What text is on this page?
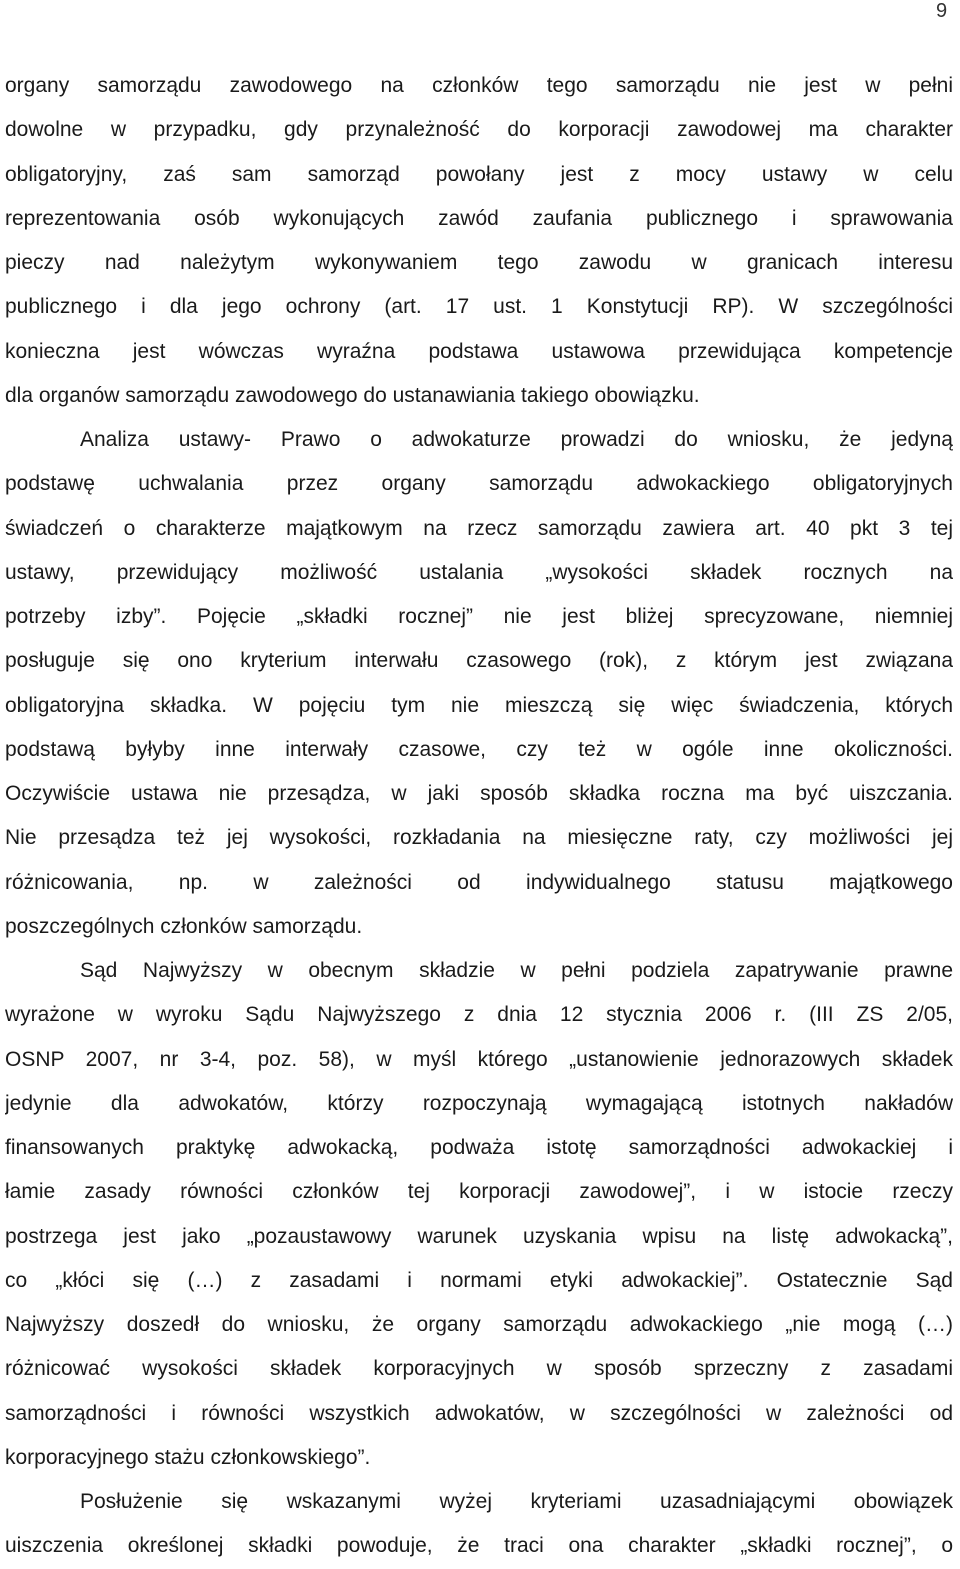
9
organy samorządu zawodowego na członków tego samorządu nie jest w pełni
dowolne w przypadku, gdy przynależność do korporacji zawodowej ma charakter
obligatoryjny, zaś sam samorząd powołany jest z mocy ustawy w celu
reprezentowania osób wykonujących zawód zaufania publicznego i sprawowania
pieczy nad należytym wykonywaniem tego zawodu w granicach interesu
publicznego i dla jego ochrony (art. 17 ust. 1 Konstytucji RP). W szczególności
konieczna jest wówczas wyraźna podstawa ustawowa przewidująca kompetencje
dla organów samorządu zawodowego do ustanawiania takiego obowiązku.
Analiza ustawy- Prawo o adwokaturze prowadzi do wniosku, że jedyną
podstawę uchwalania przez organy samorządu adwokackiego obligatoryjnych
świadczeń o charakterze majątkowym na rzecz samorządu zawiera art. 40 pkt 3 tej
ustawy, przewidujący możliwość ustalania „wysokości składek rocznych na
potrzeby izby”. Pojęcie „składki rocznej” nie jest bliżej sprecyzowane, niemniej
posługuje się ono kryterium interwału czasowego (rok), z którym jest związana
obligatoryjna składka. W pojęciu tym nie mieszczą się więc świadczenia, których
podstawą byłyby inne interwały czasowe, czy też w ogóle inne okoliczności.
Oczywiście ustawa nie przesądza, w jaki sposób składka roczna ma być uiszczania.
Nie przesądza też jej wysokości, rozkładania na miesięczne raty, czy możliwości jej
różnicowania, np. w zależności od indywidualnego statusu majątkowego
poszczególnych członków samorządu.
Sąd Najwyższy w obecnym składzie w pełni podziela zapatrywanie prawne
wyrażone w wyroku Sądu Najwyższego z dnia 12 stycznia 2006 r. (III ZS 2/05,
OSNP 2007, nr 3-4, poz. 58), w myśl którego „ustanowienie jednorazowych składek
jedynie dla adwokatów, którzy rozpoczynają wymagającą istotnych nakładów
finansowanych praktykę adwokacką, podważa istotę samorządności adwokackiej i
łamie zasady równości członków tej korporacji zawodowej”, i w istocie rzeczy
postrzega jest jako „pozaustawowy warunek uzyskania wpisu na listę adwokacką”,
co „kłóci się (…) z zasadami i normami etyki adwokackiej”. Ostatecznie Sąd
Najwyższy doszedł do wniosku, że organy samorządu adwokackiego „nie mogą (…)
różnicować wysokości składek korporacyjnych w sposób sprzeczny z zasadami
samorządności i równości wszystkich adwokatów, w szczególności w zależności od
korporacyjnego stażu członkowskiego”.
Posłużenie się wskazanymi wyżej kryteriami uzasadniającymi obowiązek
uiszczenia określonej składki powoduje, że traci ona charakter „składki rocznej”, o
